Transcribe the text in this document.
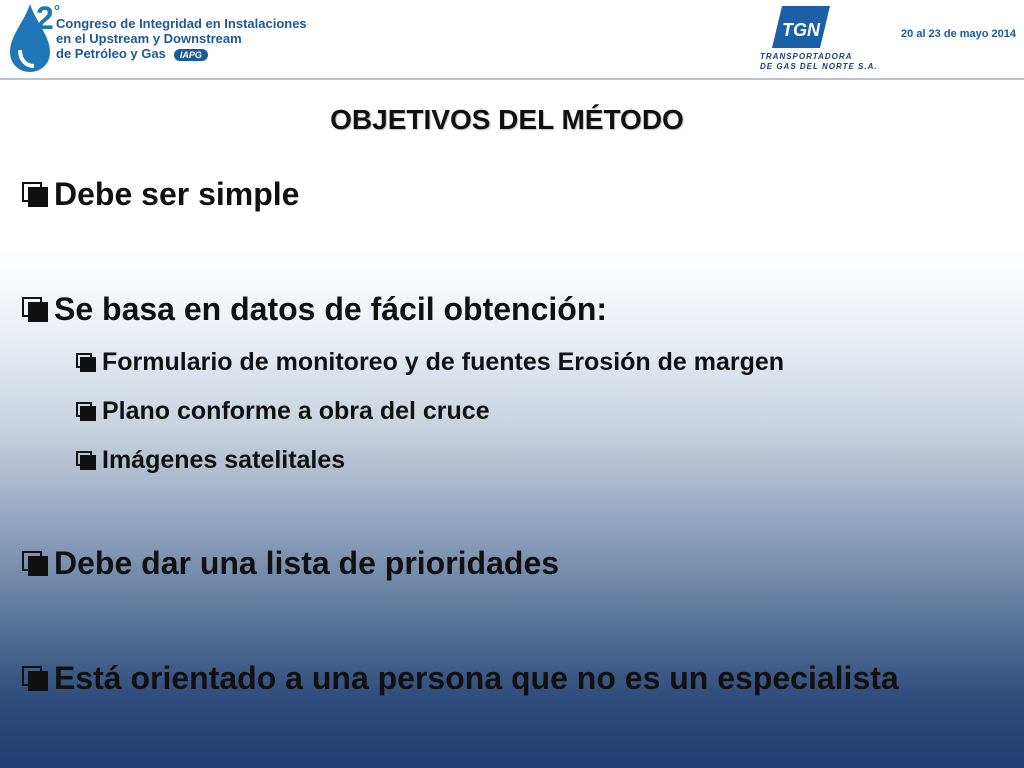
2°
Congreso de Integridad en Instalaciones
en el Upstream y Downstream
de Petróleo y Gas IAPG
TGN
TRANSPORTADORA
DE GAS DEL NORTE S.A.
20 al 23 de mayo 2014
OBJETIVOS DEL MÉTODO
Debe ser simple
Se basa en datos de fácil obtención:
Formulario de monitoreo y de fuentes Erosión de margen
Plano conforme a obra del cruce
Imágenes satelitales
Debe dar una lista de prioridades
Está orientado a una persona que no es un especialista
